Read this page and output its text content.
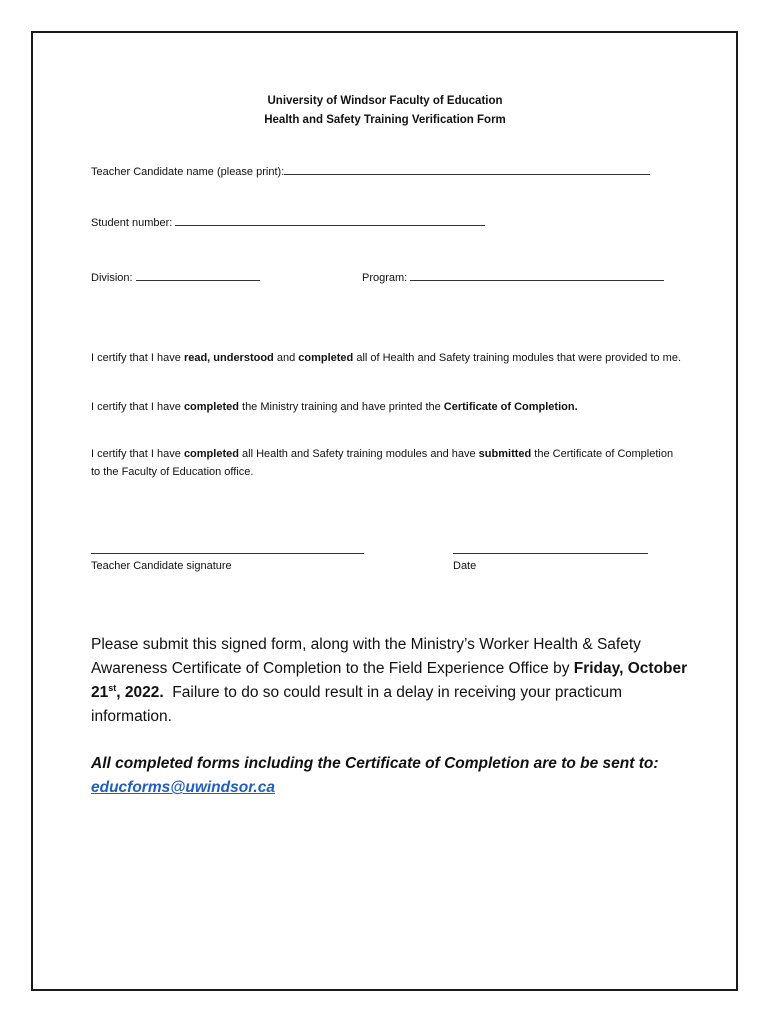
University of Windsor Faculty of Education
Health and Safety Training Verification Form
Teacher Candidate name (please print):
Student number:
Division:	Program:
I certify that I have read, understood and completed all of Health and Safety training modules that were provided to me.
I certify that I have completed the Ministry training and have printed the Certificate of Completion.
I certify that I have completed all Health and Safety training modules and have submitted the Certificate of Completion to the Faculty of Education office.
Teacher Candidate signature	Date
Please submit this signed form, along with the Ministry’s Worker Health & Safety Awareness Certificate of Completion to the Field Experience Office by Friday, October 21st, 2022.  Failure to do so could result in a delay in receiving your practicum information.
All completed forms including the Certificate of Completion are to be sent to:
educforms@uwindsor.ca
